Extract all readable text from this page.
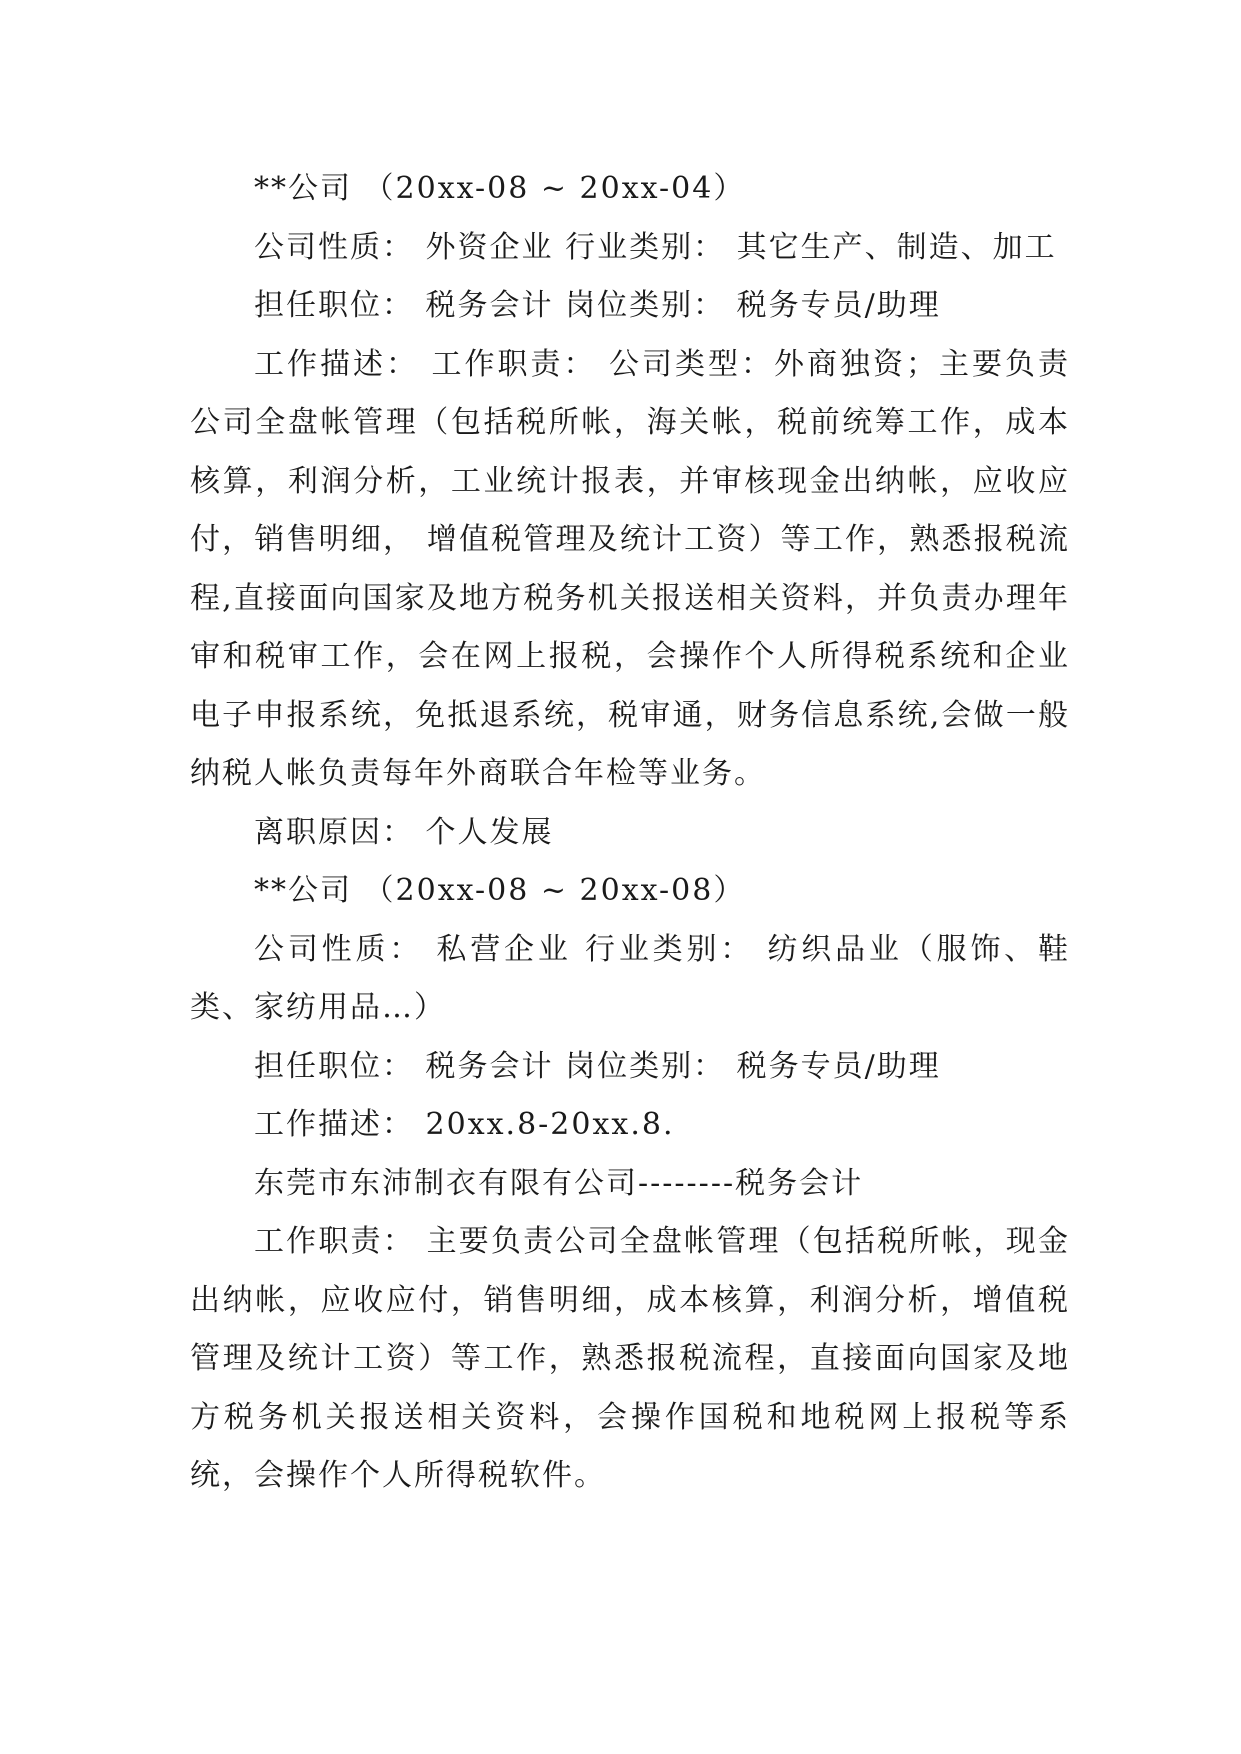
**公司 （20xx-08 ~ 20xx-04）

公司性质： 外资企业 行业类别： 其它生产、制造、加工

担任职位： 税务会计 岗位类别： 税务专员/助理

工作描述： 工作职责： 公司类型：外商独资；主要负责公司全盘帐管理（包括税所帐，海关帐，税前统筹工作，成本核算，利润分析，工业统计报表，并审核现金出纳帐，应收应付，销售明细， 增值税管理及统计工资）等工作，熟悉报税流程,直接面向国家及地方税务机关报送相关资料，并负责办理年审和税审工作，会在网上报税，会操作个人所得税系统和企业电子申报系统，免抵退系统，税审通，财务信息系统,会做一般纳税人帐负责每年外商联合年检等业务。

离职原因： 个人发展

**公司 （20xx-08 ~ 20xx-08）

公司性质： 私营企业 行业类别： 纺织品业（服饰、鞋类、家纺用品…）

担任职位： 税务会计 岗位类别： 税务专员/助理

工作描述： 20xx.8-20xx.8.

东莞市东沛制衣有限有公司--------税务会计

工作职责： 主要负责公司全盘帐管理（包括税所帐，现金出纳帐，应收应付，销售明细，成本核算，利润分析，增值税管理及统计工资）等工作，熟悉报税流程，直接面向国家及地方税务机关报送相关资料，会操作国税和地税网上报税等系统，会操作个人所得税软件。
